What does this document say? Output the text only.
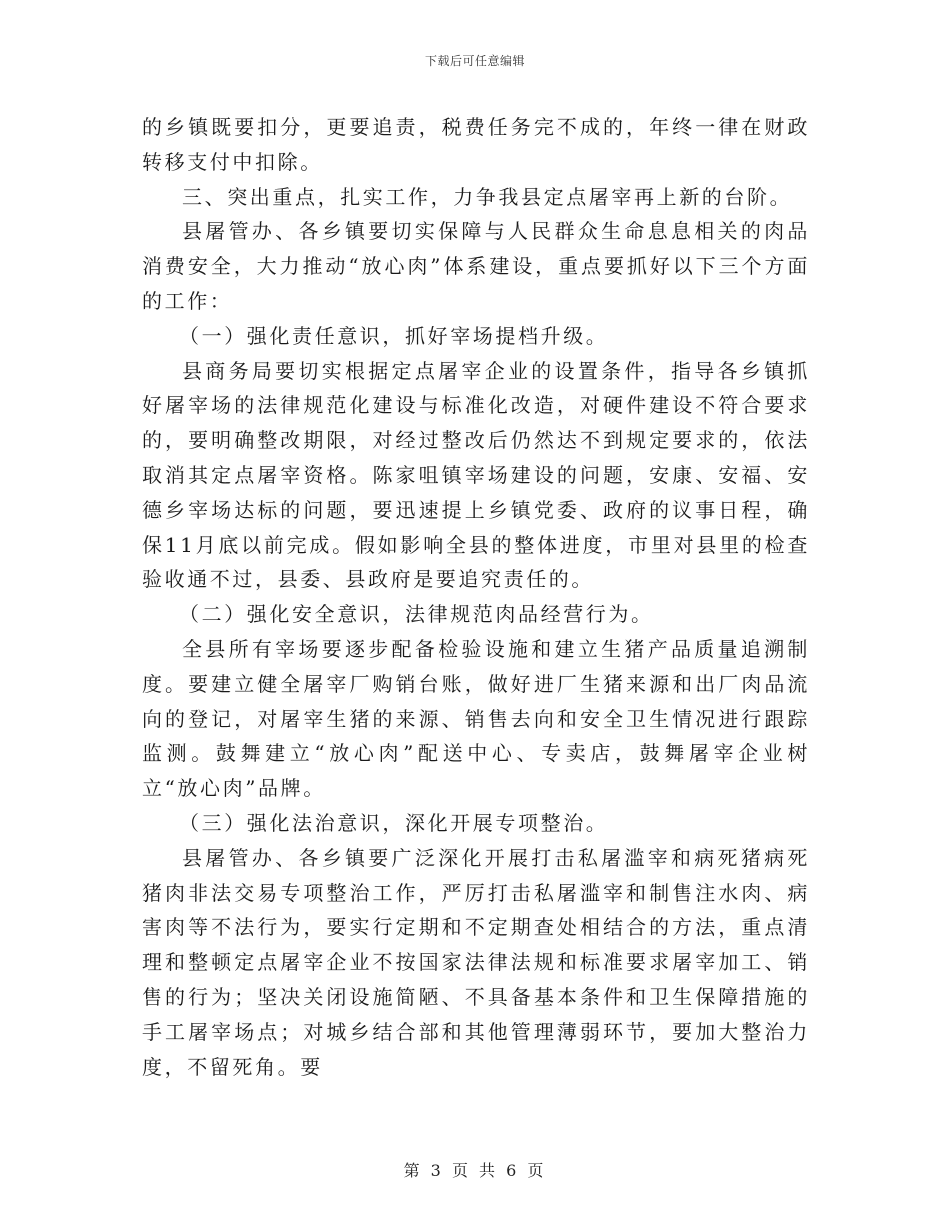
下载后可任意编辑

的乡镇既要扣分，更要追责，税费任务完不成的，年终一律在财政转移支付中扣除。

三、突出重点，扎实工作，力争我县定点屠宰再上新的台阶。

县屠管办、各乡镇要切实保障与人民群众生命息息相关的肉品消费安全，大力推动“放心肉”体系建设，重点要抓好以下三个方面的工作：

（一）强化责任意识，抓好宰场提档升级。

县商务局要切实根据定点屠宰企业的设置条件，指导各乡镇抓好屠宰场的法律规范化建设与标准化改造，对硬件建设不符合要求的，要明确整改期限，对经过整改后仍然达不到规定要求的，依法取消其定点屠宰资格。陈家咀镇宰场建设的问题，安康、安福、安德乡宰场达标的问题，要迅速提上乡镇党委、政府的议事日程，确保11月底以前完成。假如影响全县的整体进度，市里对县里的检查验收通不过，县委、县政府是要追究责任的。

（二）强化安全意识，法律规范肉品经营行为。

全县所有宰场要逐步配备检验设施和建立生猪产品质量追溯制度。要建立健全屠宰厂购销台账，做好进厂生猪来源和出厂肉品流向的登记，对屠宰生猪的来源、销售去向和安全卫生情况进行跟踪监测。鼓舞建立“放心肉”配送中心、专卖店，鼓舞屠宰企业树立“放心肉”品牌。

（三）强化法治意识，深化开展专项整治。

县屠管办、各乡镇要广泛深化开展打击私屠滥宰和病死猪病死猪肉非法交易专项整治工作，严厉打击私屠滥宰和制售注水肉、病害肉等不法行为，要实行定期和不定期查处相结合的方法，重点清理和整顿定点屠宰企业不按国家法律法规和标准要求屠宰加工、销售的行为；坚决关闭设施简陋、不具备基本条件和卫生保障措施的手工屠宰场点；对城乡结合部和其他管理薄弱环节，要加大整治力度，不留死角。要

第 3 页 共 6 页
